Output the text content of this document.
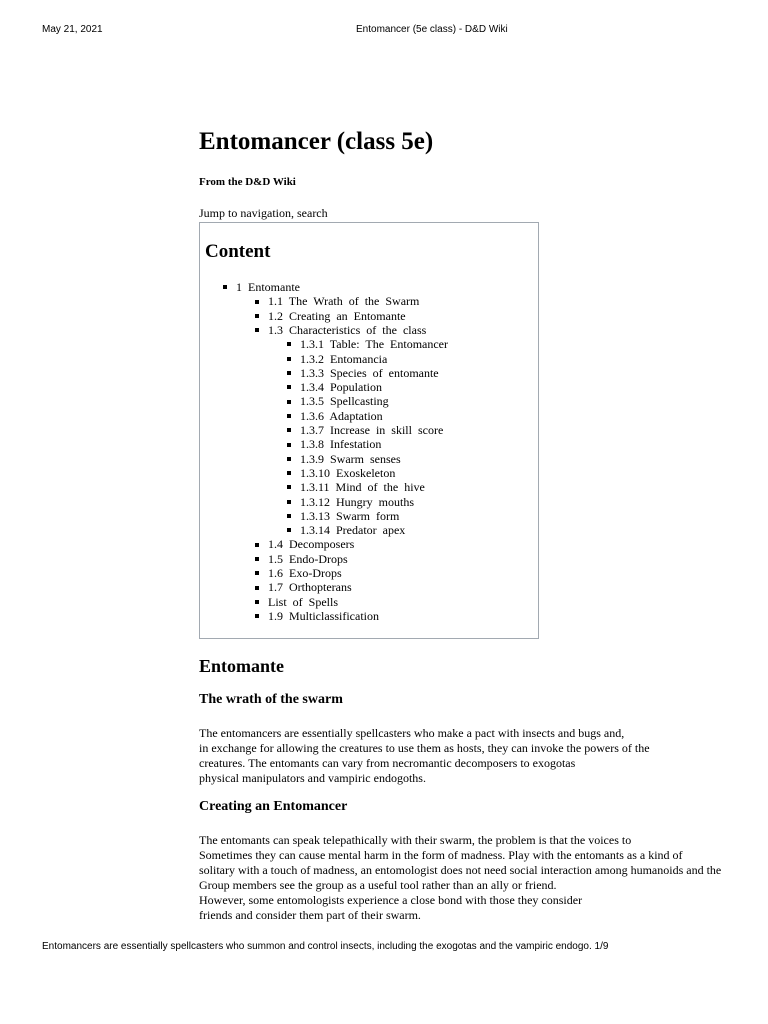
May 21, 2021	Entomancer (5e class) - D&D Wiki
Entomancer (class 5e)
From the D&D Wiki
Jump to navigation, search
Content
1 Entomante
1.1 The Wrath of the Swarm
1.2 Creating an Entomante
1.3 Characteristics of the class
1.3.1 Table: The Entomancer
1.3.2 Entomancia
1.3.3 Species of entomante
1.3.4 Population
1.3.5 Spellcasting
1.3.6 Adaptation
1.3.7 Increase in skill score
1.3.8 Infestation
1.3.9 Swarm senses
1.3.10 Exoskeleton
1.3.11 Mind of the hive
1.3.12 Hungry mouths
1.3.13 Swarm form
1.3.14 Predator apex
1.4 Decomposers
1.5 Endo-Drops
1.6 Exo-Drops
1.7 Orthopterans
List of Spells
1.9 Multiclassification
Entomante
The wrath of the swarm
The entomancers are essentially spellcasters who make a pact with insects and bugs and,
in exchange for allowing the creatures to use them as hosts, they can invoke the powers of the
creatures. The entomants can vary from necromantic decomposers to exogotas
physical manipulators and vampiric endogoths.
Creating an Entomancer
The entomants can speak telepathically with their swarm, the problem is that the voices to
Sometimes they can cause mental harm in the form of madness. Play with the entomants as a kind of
solitary with a touch of madness, an entomologist does not need social interaction among humanoids and the
Group members see the group as a useful tool rather than an ally or friend.
However, some entomologists experience a close bond with those they consider
friends and consider them part of their swarm.
Entomancers are essentially spellcasters who summon and control insects, including the exogotas and the vampiric endogo. 1/9
